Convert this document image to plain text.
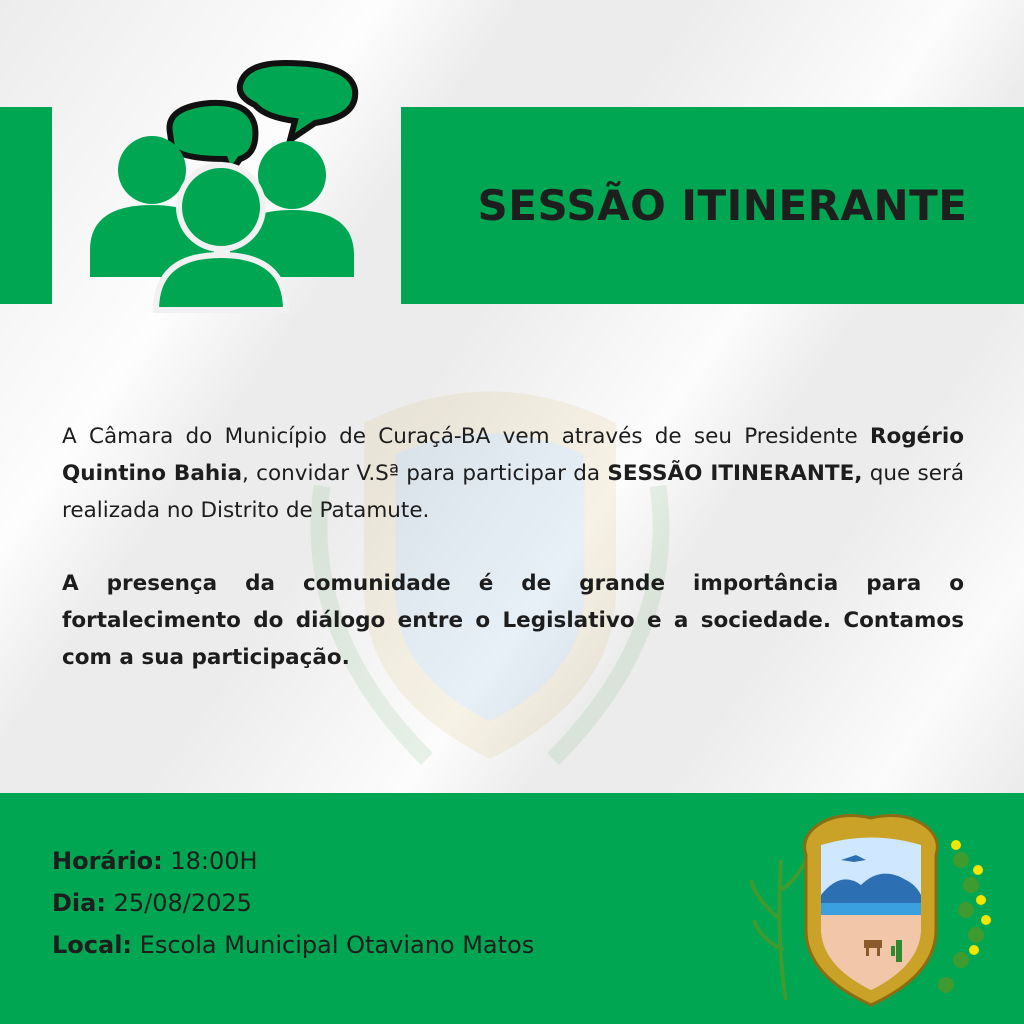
SESSÃO ITINERANTE

A Câmara do Município de Curaçá-BA vem através de seu Presidente Rogério Quintino Bahia, convidar V.Sª para participar da SESSÃO ITINERANTE, que será realizada no Distrito de Patamute.

A presença da comunidade é de grande importância para o fortalecimento do diálogo entre o Legislativo e a sociedade. Contamos com a sua participação.

Horário: 18:00H
Dia: 25/08/2025
Local: Escola Municipal Otaviano Matos
